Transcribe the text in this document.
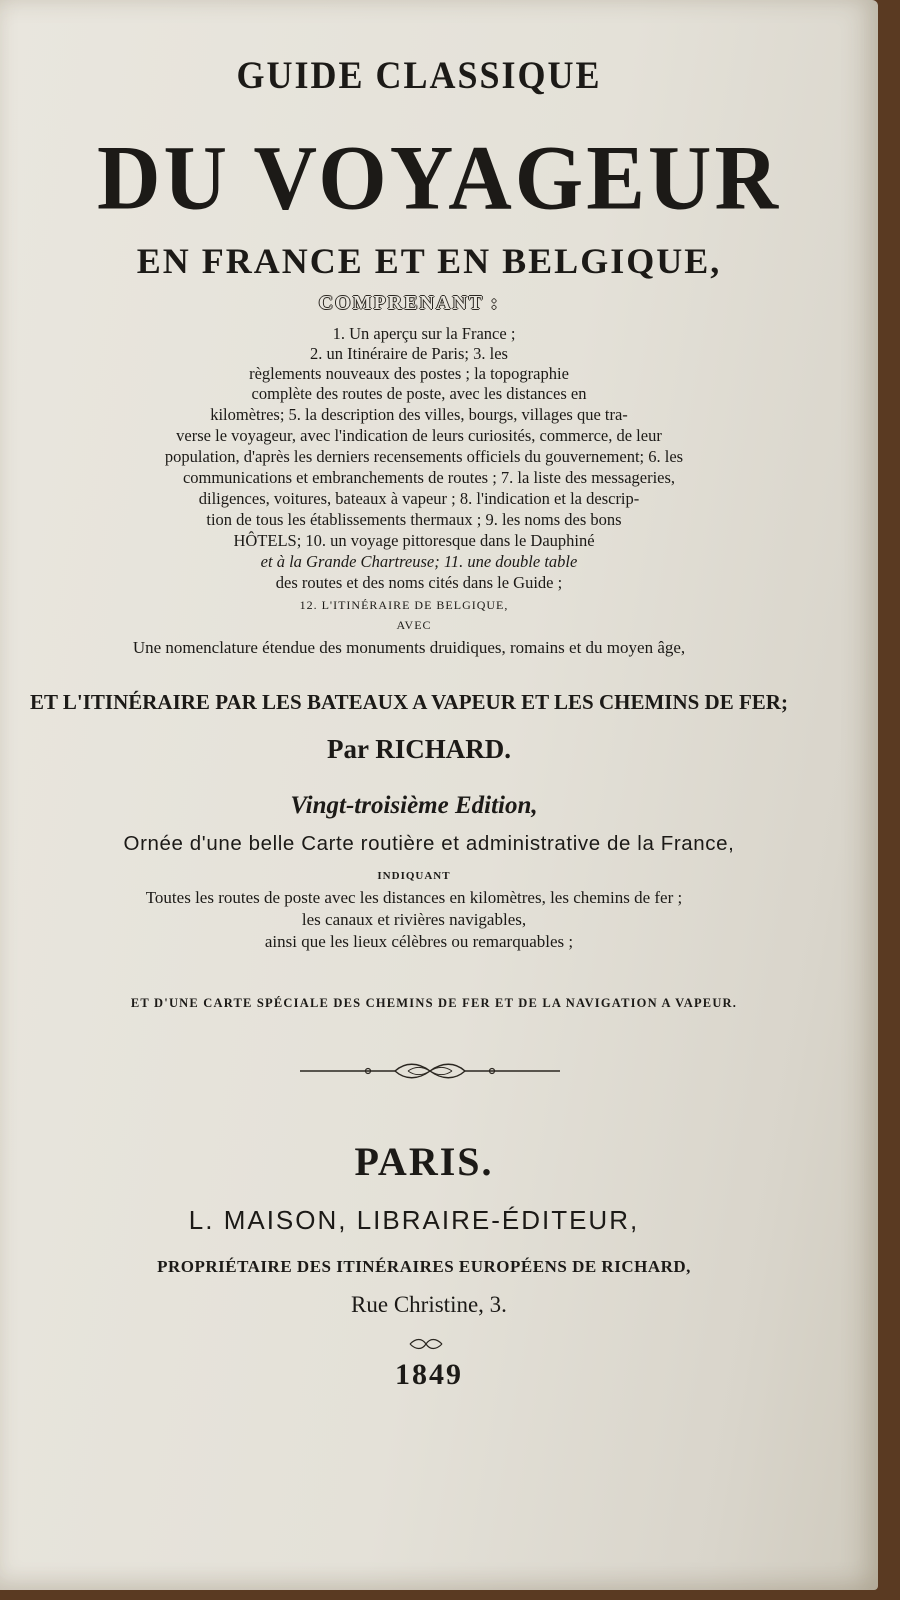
GUIDE CLASSIQUE
DU VOYAGEUR
EN FRANCE ET EN BELGIQUE,
COMPRENANT :
1. Un aperçu sur la France ;
2. un Itinéraire de Paris; 3. les
règlements nouveaux des postes ; la topographie
complète des routes de poste, avec les distances en
kilomètres; 5. la description des villes, bourgs, villages que tra-
verse le voyageur, avec l'indication de leurs curiosités, commerce, de leur
population, d'après les derniers recensements officiels du gouvernement; 6. les
communications et embranchements de routes ; 7. la liste des messageries,
diligences, voitures, bateaux à vapeur ; 8. l'indication et la descrip-
tion de tous les établissements thermaux ; 9. les noms des bons
HÔTELS; 10. un voyage pittoresque dans le Dauphiné
et à la Grande Chartreuse; 11. une double table
des routes et des noms cités dans le Guide ;
12. L'ITINÉRAIRE DE BELGIQUE,
AVEC
Une nomenclature étendue des monuments druidiques, romains et du moyen âge,
ET L'ITINÉRAIRE PAR LES BATEAUX A VAPEUR ET LES CHEMINS DE FER;
Par RICHARD.
Vingt-troisième Edition,
Ornée d'une belle Carte routière et administrative de la France,
INDIQUANT
Toutes les routes de poste avec les distances en kilomètres, les chemins de fer ;
les canaux et rivières navigables,
ainsi que les lieux célèbres ou remarquables ;
ET D'UNE CARTE SPÉCIALE DES CHEMINS DE FER ET DE LA NAVIGATION A VAPEUR.
PARIS.
L. MAISON, LIBRAIRE-ÉDITEUR,
PROPRIÉTAIRE DES ITINÉRAIRES EUROPÉENS DE RICHARD,
Rue Christine, 3.
1849
